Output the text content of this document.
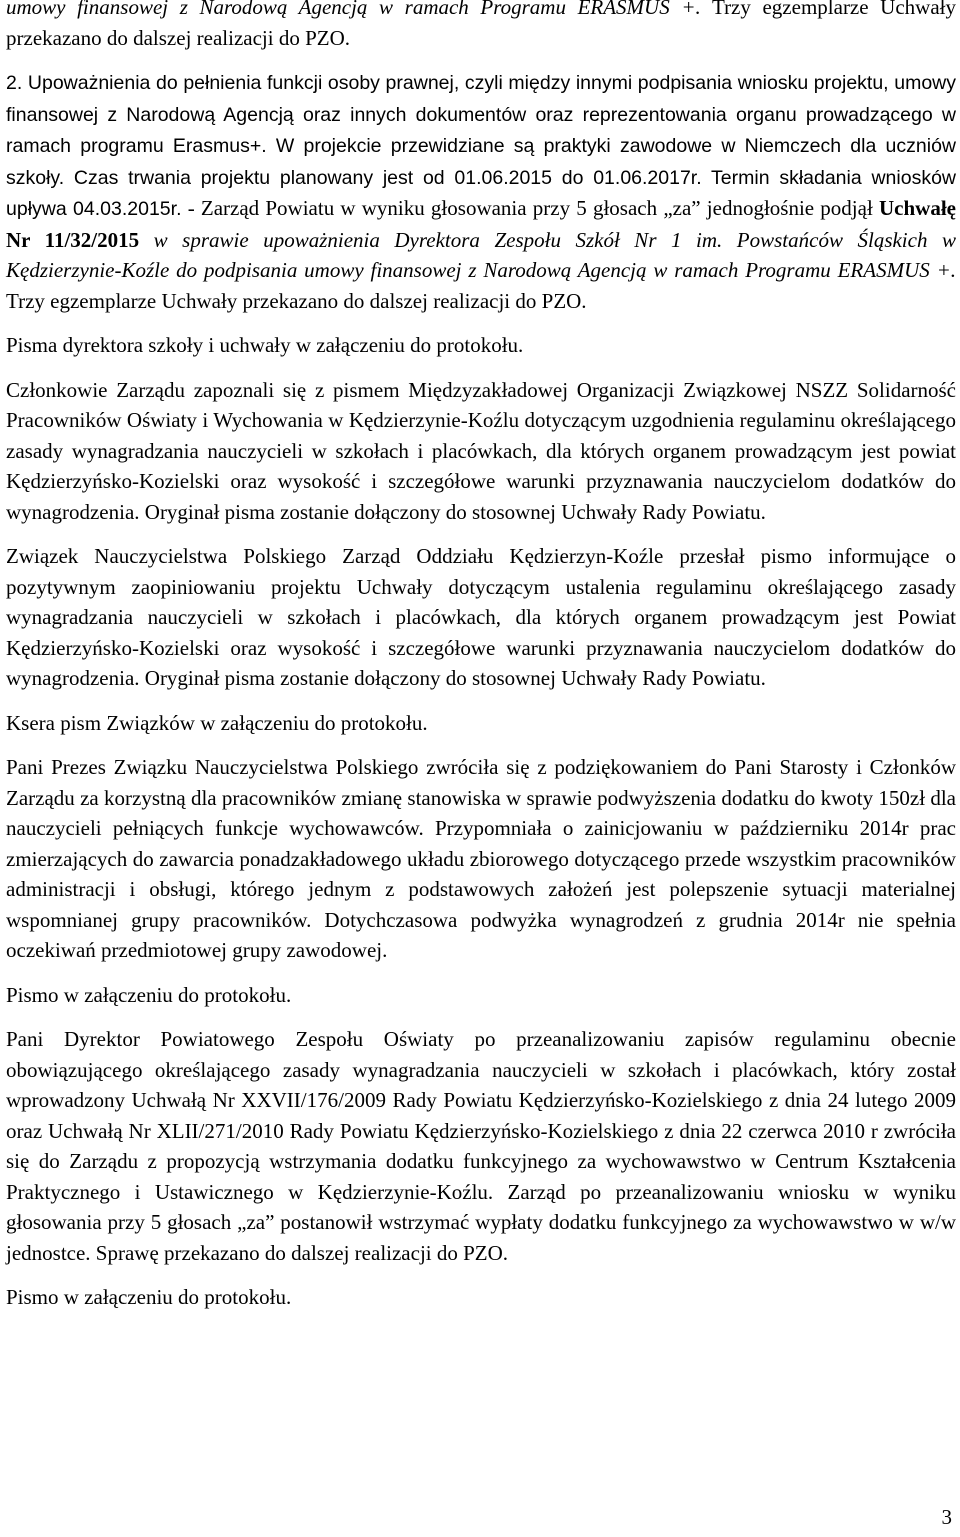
umowy finansowej z Narodową Agencją w ramach Programu ERASMUS +. Trzy egzemplarze Uchwały przekazano do dalszej realizacji do PZO.

2. Upoważnienia do pełnienia funkcji osoby prawnej, czyli między innymi podpisania wniosku projektu, umowy finansowej z Narodową Agencją oraz innych dokumentów oraz reprezentowania organu prowadzącego w ramach programu Erasmus+. W projekcie przewidziane są praktyki zawodowe w Niemczech dla uczniów szkoły. Czas trwania projektu planowany jest od 01.06.2015 do 01.06.2017r. Termin składania wniosków upływa 04.03.2015r. - Zarząd Powiatu w wyniku głosowania przy 5 głosach „za” jednogłośnie podjął Uchwałę Nr 11/32/2015 w sprawie upoważnienia Dyrektora Zespołu Szkół Nr 1 im. Powstańców Śląskich w Kędzierzynie-Koźle do podpisania umowy finansowej z Narodową Agencją w ramach Programu ERASMUS +. Trzy egzemplarze Uchwały przekazano do dalszej realizacji do PZO.

Pisma dyrektora szkoły i uchwały w załączeniu do protokołu.

Członkowie Zarządu zapoznali się z pismem Międzyzakładowej Organizacji Związkowej NSZZ Solidarność Pracowników Oświaty i Wychowania w Kędzierzynie-Koźlu dotyczącym uzgodnienia regulaminu określającego zasady wynagradzania nauczycieli w szkołach i placówkach, dla których organem prowadzącym jest powiat Kędzierzyńsko-Kozielski oraz wysokość i szczegółowe warunki przyznawania nauczycielom dodatków do wynagrodzenia. Oryginał pisma zostanie dołączony do stosownej Uchwały Rady Powiatu.

Związek Nauczycielstwa Polskiego Zarząd Oddziału Kędzierzyn-Koźle przesłał pismo informujące o pozytywnym zaopiniowaniu projektu Uchwały dotyczącym ustalenia regulaminu określającego zasady wynagradzania nauczycieli w szkołach i placówkach, dla których organem prowadzącym jest Powiat Kędzierzyńsko-Kozielski oraz wysokość i szczegółowe warunki przyznawania nauczycielom dodatków do wynagrodzenia. Oryginał pisma zostanie dołączony do stosownej Uchwały Rady Powiatu.

Ksera pism Związków w załączeniu do protokołu.

Pani Prezes Związku Nauczycielstwa Polskiego zwróciła się z podziękowaniem do Pani Starosty i Członków Zarządu za korzystną dla pracowników zmianę stanowiska w sprawie podwyższenia dodatku do kwoty 150zł dla nauczycieli pełniących funkcje wychowawców. Przypomniała o zainicjowaniu w październiku 2014r prac zmierzających do zawarcia ponadzakładowego układu zbiorowego dotyczącego przede wszystkim pracowników administracji i obsługi, którego jednym z podstawowych założeń jest polepszenie sytuacji materialnej wspomnianej grupy pracowników. Dotychczasowa podwyżka wynagrodzeń z grudnia 2014r nie spełnia oczekiwań przedmiotowej grupy zawodowej.

Pismo w załączeniu do protokołu.

Pani Dyrektor Powiatowego Zespołu Oświaty po przeanalizowaniu zapisów regulaminu obecnie obowiązującego określającego zasady wynagradzania nauczycieli w szkołach i placówkach, który został wprowadzony Uchwałą Nr XXVII/176/2009 Rady Powiatu Kędzierzyńsko-Kozielskiego z dnia 24 lutego 2009 oraz Uchwałą Nr XLII/271/2010 Rady Powiatu Kędzierzyńsko-Kozielskiego z dnia 22 czerwca 2010 r zwróciła się do Zarządu z propozycją wstrzymania dodatku funkcyjnego za wychowawstwo w Centrum Kształcenia Praktycznego i Ustawicznego w Kędzierzynie-Koźlu. Zarząd po przeanalizowaniu wniosku w wyniku głosowania przy 5 głosach „za” postanowił wstrzymać wypłaty dodatku funkcyjnego za wychowawstwo w w/w jednostce. Sprawę przekazano do dalszej realizacji do PZO.

Pismo w załączeniu do protokołu.

3
